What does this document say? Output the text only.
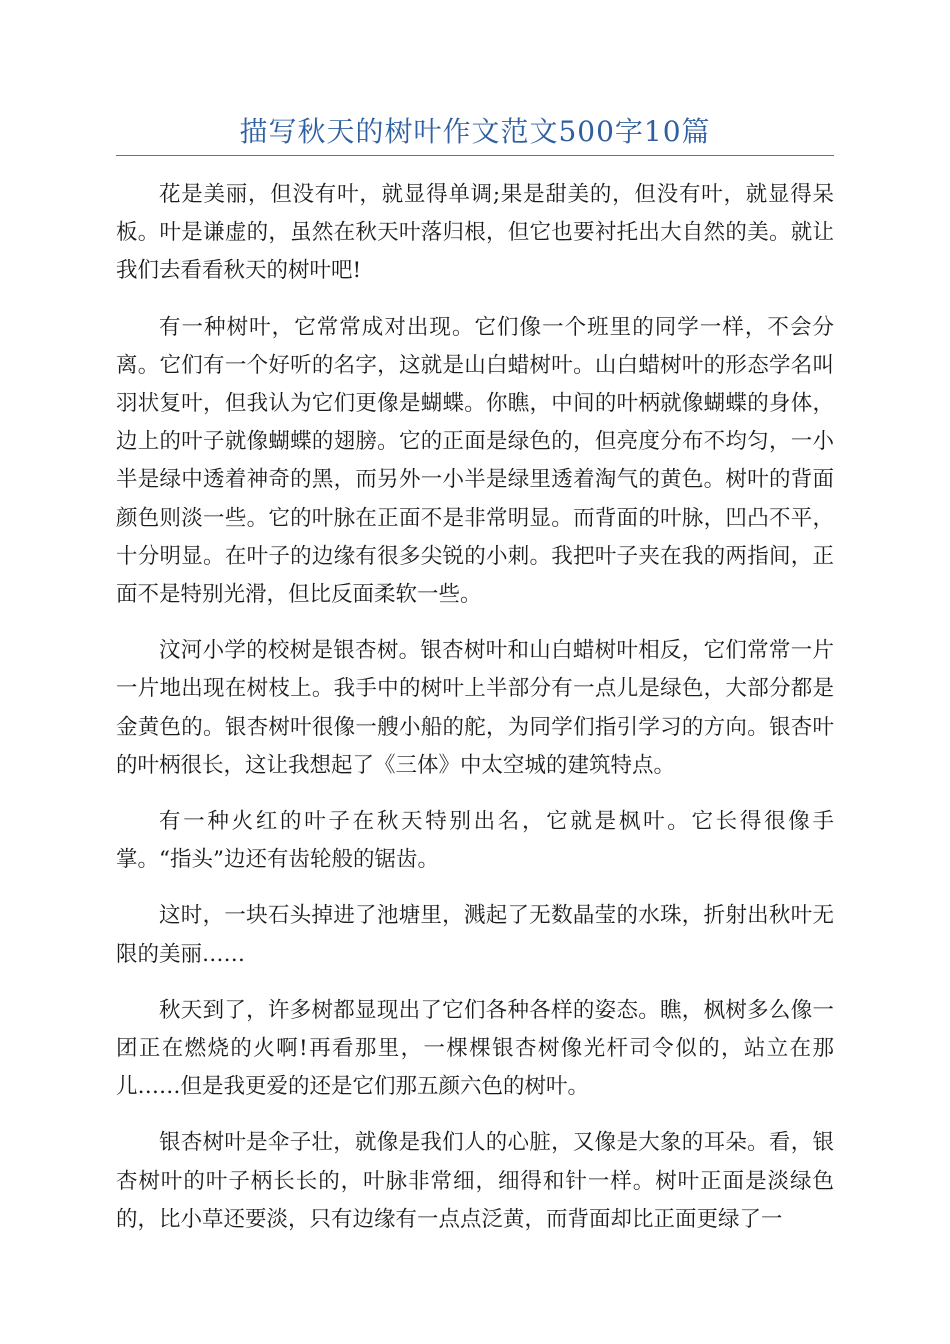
描写秋天的树叶作文范文500字10篇

花是美丽，但没有叶，就显得单调;果是甜美的，但没有叶，就显得呆板。叶是谦虚的，虽然在秋天叶落归根，但它也要衬托出大自然的美。就让我们去看看秋天的树叶吧!

有一种树叶，它常常成对出现。它们像一个班里的同学一样，不会分离。它们有一个好听的名字，这就是山白蜡树叶。山白蜡树叶的形态学名叫羽状复叶，但我认为它们更像是蝴蝶。你瞧，中间的叶柄就像蝴蝶的身体，边上的叶子就像蝴蝶的翅膀。它的正面是绿色的，但亮度分布不均匀，一小半是绿中透着神奇的黑，而另外一小半是绿里透着淘气的黄色。树叶的背面颜色则淡一些。它的叶脉在正面不是非常明显。而背面的叶脉，凹凸不平，十分明显。在叶子的边缘有很多尖锐的小刺。我把叶子夹在我的两指间，正面不是特别光滑，但比反面柔软一些。

汶河小学的校树是银杏树。银杏树叶和山白蜡树叶相反，它们常常一片一片地出现在树枝上。我手中的树叶上半部分有一点儿是绿色，大部分都是金黄色的。银杏树叶很像一艘小船的舵，为同学们指引学习的方向。银杏叶的叶柄很长，这让我想起了《三体》中太空城的建筑特点。

有一种火红的叶子在秋天特别出名，它就是枫叶。它长得很像手掌。“指头”边还有齿轮般的锯齿。

这时，一块石头掉进了池塘里，溅起了无数晶莹的水珠，折射出秋叶无限的美丽……

秋天到了，许多树都显现出了它们各种各样的姿态。瞧，枫树多么像一团正在燃烧的火啊!再看那里，一棵棵银杏树像光杆司令似的，站立在那儿……但是我更爱的还是它们那五颜六色的树叶。

银杏树叶是伞子壮，就像是我们人的心脏，又像是大象的耳朵。看，银杏树叶的叶子柄长长的，叶脉非常细，细得和针一样。树叶正面是淡绿色的，比小草还要淡，只有边缘有一点点泛黄，而背面却比正面更绿了一
